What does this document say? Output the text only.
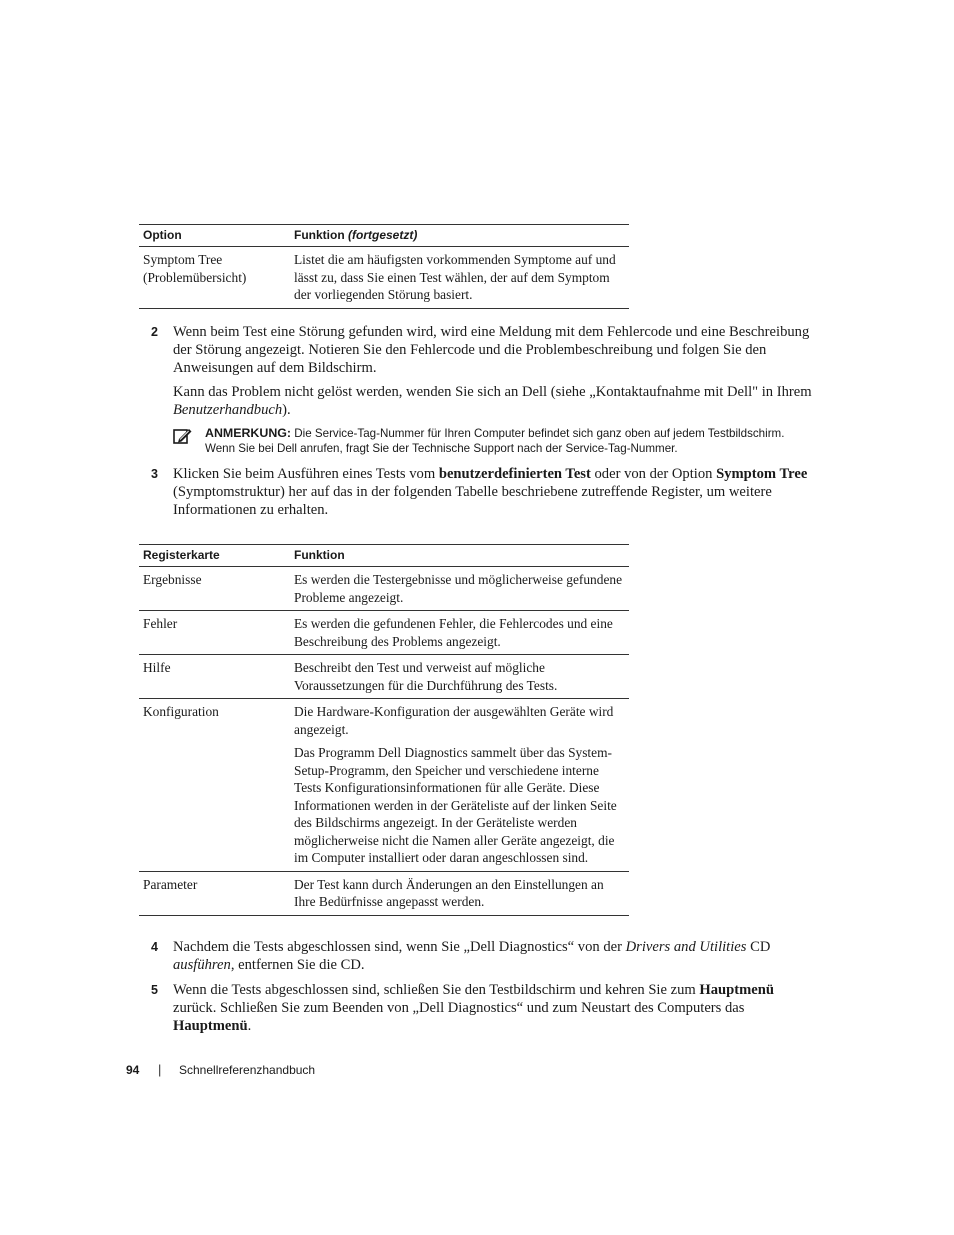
Option	Funktion (fortgesetzt)
Symptom Tree (Problemübersicht)	Listet die am häufigsten vorkommenden Symptome auf und lässt zu, dass Sie einen Test wählen, der auf dem Symptom der vorliegenden Störung basiert.
2 Wenn beim Test eine Störung gefunden wird, wird eine Meldung mit dem Fehlercode und eine Beschreibung der Störung angezeigt. Notieren Sie den Fehlercode und die Problembeschreibung und folgen Sie den Anweisungen auf dem Bildschirm.

Kann das Problem nicht gelöst werden, wenden Sie sich an Dell (siehe „Kontaktaufnahme mit Dell" in Ihrem Benutzerhandbuch).

ANMERKUNG: Die Service-Tag-Nummer für Ihren Computer befindet sich ganz oben auf jedem Testbildschirm. Wenn Sie bei Dell anrufen, fragt Sie der Technische Support nach der Service-Tag-Nummer.
3 Klicken Sie beim Ausführen eines Tests vom benutzerdefinierten Test oder von der Option Symptom Tree (Symptomstruktur) her auf das in der folgenden Tabelle beschriebene zutreffende Register, um weitere Informationen zu erhalten.

Registerkarte	Funktion
Ergebnisse	Es werden die Testergebnisse und möglicherweise gefundene Probleme angezeigt.

Fehler	Es werden die gefundenen Fehler, die Fehlercodes und eine Beschreibung des Problems angezeigt.

Hilfe	Beschreibt den Test und verweist auf mögliche Voraussetzungen für die Durchführung des Tests.

Konfiguration	Die Hardware-Konfiguration der ausgewählten Geräte wird angezeigt.

Das Programm Dell Diagnostics sammelt über das System-Setup-Programm, den Speicher und verschiedene interne Tests Konfigurationsinformationen für alle Geräte. Diese Informationen werden in der Geräteliste auf der linken Seite des Bildschirms angezeigt. In der Geräteliste werden möglicherweise nicht die Namen aller Geräte angezeigt, die im Computer installiert oder daran angeschlossen sind.

Parameter	Der Test kann durch Änderungen an den Einstellungen an Ihre Bedürfnisse angepasst werden.

4 Nachdem die Tests abgeschlossen sind, wenn Sie „Dell Diagnostics“ von der Drivers and Utilities CD ausführen, entfernen Sie die CD.

5 Wenn die Tests abgeschlossen sind, schließen Sie den Testbildschirm und kehren Sie zum Hauptmenü zurück. Schließen Sie zum Beenden von „Dell Diagnostics“ und zum Neustart des Computers das Hauptmenü.

94 | Schnellreferenzhandbuch
